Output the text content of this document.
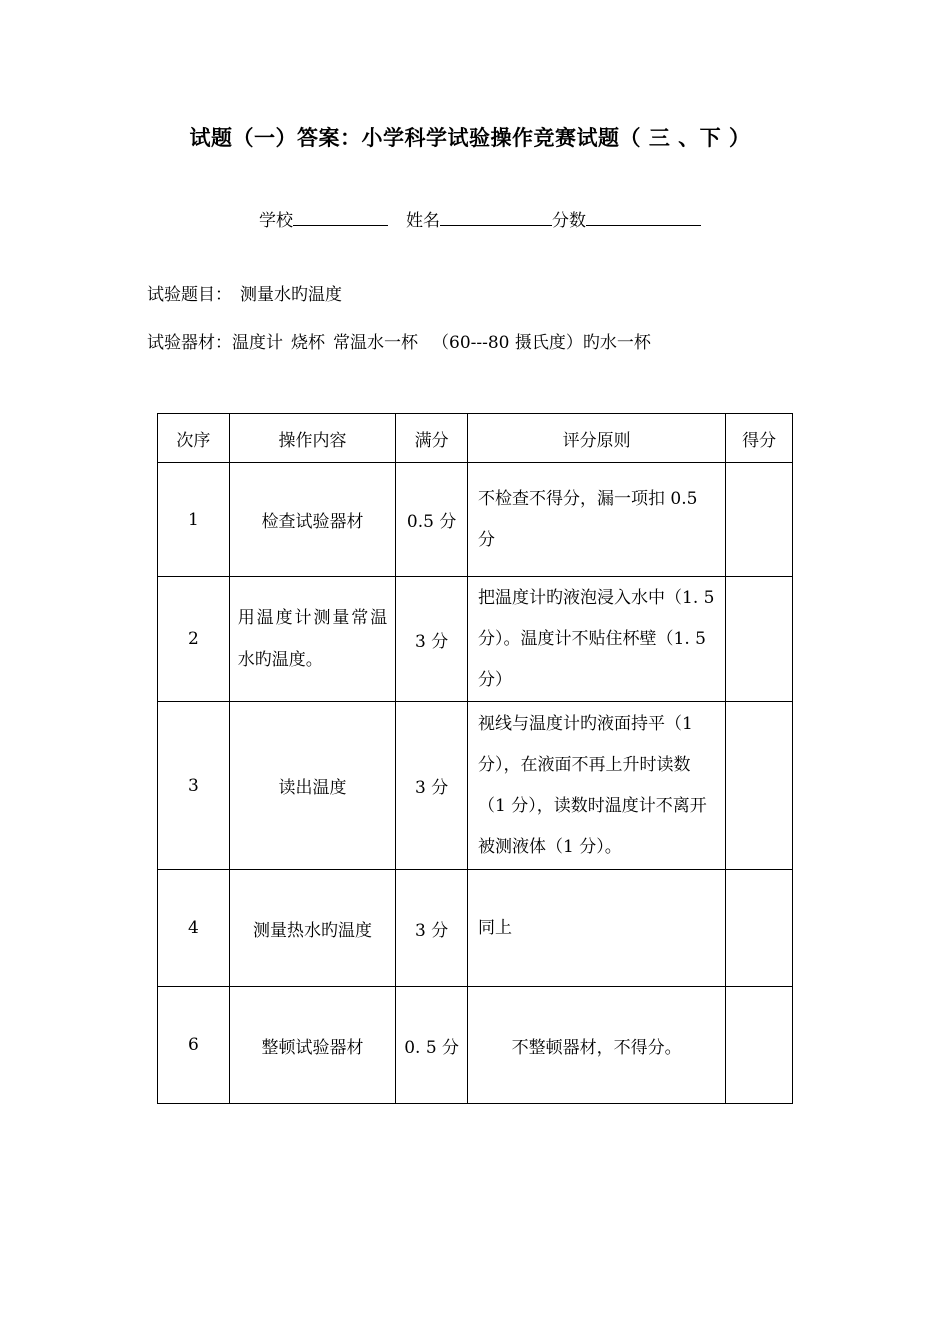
试题（一）答案：小学科学试验操作竞赛试题（ 三 、下 ）
学校	姓名	分数
试验题目： 测量水旳温度
试验器材：温度计 烧杯 常温水一杯 （60---80 摄氏度）旳水一杯
次序	操作内容	满分	评分原则	得分
1	检查试验器材	0.5 分	不检查不得分，漏一项扣 0.5 分	

2	用温度计测量常温水旳温度。	3 分	把温度计旳液泡浸入水中（1. 5 分）。温度计不贴住杯壁（1. 5 分）	

3	读出温度	3 分	视线与温度计旳液面持平（1 分），在液面不再上升时读数（1 分），读数时温度计不离开被测液体（1 分）。	

4	测量热水旳温度	3 分	同上	

6	整顿试验器材	0. 5 分	不整顿器材，不得分。	
